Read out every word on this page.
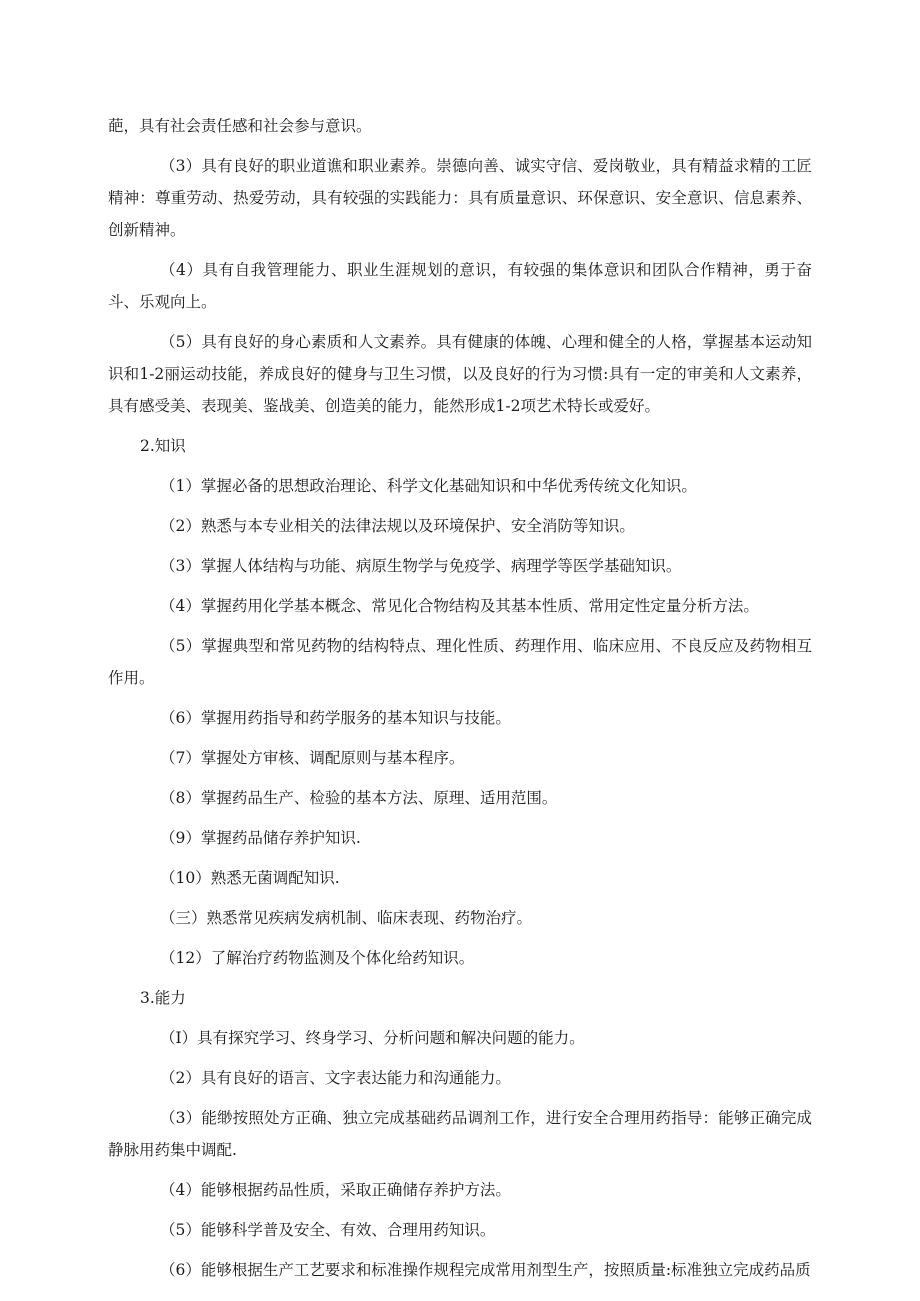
葩，具有社会责任感和社会参与意识。

（3）具有良好的职业道谯和职业素养。崇德向善、诚实守信、爱岗敬业，具有精益求精的工匠精神：尊重劳动、热爱劳动，具有较强的实践能力：具有质量意识、环保意识、安全意识、信息素养、创新精神。

（4）具有自我管理能力、职业生涯规划的意识，有较强的集体意识和团队合作精神，勇于奋斗、乐观向上。

（5）具有良好的身心素质和人文素养。具有健康的体魄、心理和健全的人格，掌握基本运动知识和1-2丽运动技能，养成良好的健身与卫生习惯，以及良好的行为习惯:具有一定的审美和人文素养，具有感受美、表现美、鉴战美、创造美的能力，能然形成1-2项艺术特长或爱好。

2.知识

（1）掌握必备的思想政治理论、科学文化基础知识和中华优秀传统文化知识。

（2）熟悉与本专业相关的法律法规以及环境保护、安全消防等知识。

（3）掌握人体结构与功能、病原生物学与免疫学、病理学等医学基础知识。

（4）掌握药用化学基本概念、常见化合物结构及其基本性质、常用定性定量分析方法。

（5）掌握典型和常见药物的结构特点、理化性质、药理作用、临床应用、不良反应及药物相互作用。

（6）掌握用药指导和药学服务的基本知识与技能。

（7）掌握处方审核、调配原则与基本程序。

（8）掌握药品生产、检验的基本方法、原理、适用范围。

（9）掌握药品储存养护知识.

（10）熟悉无菌调配知识.

（三）熟悉常见疾病发病机制、临床表现、药物治疗。

（12）了解治疗药物监测及个体化给药知识。

3.能力

（I）具有探究学习、终身学习、分析问题和解决问题的能力。

（2）具有良好的语言、文字表达能力和沟通能力。

（3）能缈按照处方正确、独立完成基础药品调剂工作，进行安全合理用药指导：能够正确完成静脉用药集中调配.

（4）能够根据药品性质，采取正确储存养护方法。

（5）能够科学普及安全、有效、合理用药知识。

（6）能够根据生产工艺要求和标准操作规程完成常用剂型生产，按照质量:标准独立完成药品质
